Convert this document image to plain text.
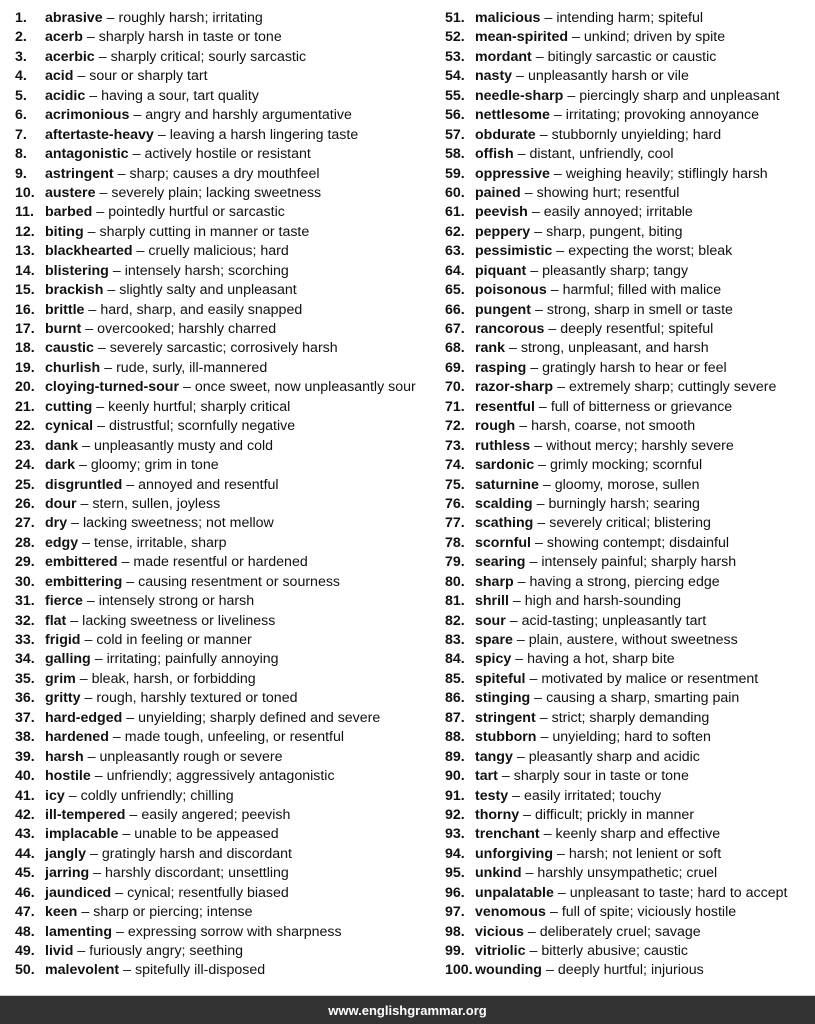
1.	abrasive – roughly harsh; irritating
2.	acerb – sharply harsh in taste or tone
3.	acerbic – sharply critical; sourly sarcastic
4.	acid – sour or sharply tart
5.	acidic – having a sour, tart quality
6.	acrimonious – angry and harshly argumentative
7.	aftertaste-heavy – leaving a harsh lingering taste
8.	antagonistic – actively hostile or resistant
9.	astringent – sharp; causes a dry mouthfeel
10. austere – severely plain; lacking sweetness
11. barbed – pointedly hurtful or sarcastic
12. biting – sharply cutting in manner or taste
13. blackhearted – cruelly malicious; hard
14. blistering – intensely harsh; scorching
15. brackish – slightly salty and unpleasant
16. brittle – hard, sharp, and easily snapped
17. burnt – overcooked; harshly charred
18. caustic – severely sarcastic; corrosively harsh
19. churlish – rude, surly, ill-mannered
20. cloying-turned-sour – once sweet, now unpleasantly sour
21. cutting – keenly hurtful; sharply critical
22. cynical – distrustful; scornfully negative
23. dank – unpleasantly musty and cold
24. dark – gloomy; grim in tone
25. disgruntled – annoyed and resentful
26. dour – stern, sullen, joyless
27. dry – lacking sweetness; not mellow
28. edgy – tense, irritable, sharp
29. embittered – made resentful or hardened
30. embittering – causing resentment or sourness
31. fierce – intensely strong or harsh
32. flat – lacking sweetness or liveliness
33. frigid – cold in feeling or manner
34. galling – irritating; painfully annoying
35. grim – bleak, harsh, or forbidding
36. gritty – rough, harshly textured or toned
37. hard-edged – unyielding; sharply defined and severe
38. hardened – made tough, unfeeling, or resentful
39. harsh – unpleasantly rough or severe
40. hostile – unfriendly; aggressively antagonistic
41. icy – coldly unfriendly; chilling
42. ill-tempered – easily angered; peevish
43. implacable – unable to be appeased
44. jangly – gratingly harsh and discordant
45. jarring – harshly discordant; unsettling
46. jaundiced – cynical; resentfully biased
47. keen – sharp or piercing; intense
48. lamenting – expressing sorrow with sharpness
49. livid – furiously angry; seething
50. malevolent – spitefully ill-disposed
51. malicious – intending harm; spiteful
52. mean-spirited – unkind; driven by spite
53. mordant – bitingly sarcastic or caustic
54. nasty – unpleasantly harsh or vile
55. needle-sharp – piercingly sharp and unpleasant
56. nettlesome – irritating; provoking annoyance
57. obdurate – stubbornly unyielding; hard
58. offish – distant, unfriendly, cool
59. oppressive – weighing heavily; stiflingly harsh
60. pained – showing hurt; resentful
61. peevish – easily annoyed; irritable
62. peppery – sharp, pungent, biting
63. pessimistic – expecting the worst; bleak
64. piquant – pleasantly sharp; tangy
65. poisonous – harmful; filled with malice
66. pungent – strong, sharp in smell or taste
67. rancorous – deeply resentful; spiteful
68. rank – strong, unpleasant, and harsh
69. rasping – gratingly harsh to hear or feel
70. razor-sharp – extremely sharp; cuttingly severe
71. resentful – full of bitterness or grievance
72. rough – harsh, coarse, not smooth
73. ruthless – without mercy; harshly severe
74. sardonic – grimly mocking; scornful
75. saturnine – gloomy, morose, sullen
76. scalding – burningly harsh; searing
77. scathing – severely critical; blistering
78. scornful – showing contempt; disdainful
79. searing – intensely painful; sharply harsh
80. sharp – having a strong, piercing edge
81. shrill – high and harsh-sounding
82. sour – acid-tasting; unpleasantly tart
83. spare – plain, austere, without sweetness
84. spicy – having a hot, sharp bite
85. spiteful – motivated by malice or resentment
86. stinging – causing a sharp, smarting pain
87. stringent – strict; sharply demanding
88. stubborn – unyielding; hard to soften
89. tangy – pleasantly sharp and acidic
90. tart – sharply sour in taste or tone
91. testy – easily irritated; touchy
92. thorny – difficult; prickly in manner
93. trenchant – keenly sharp and effective
94. unforgiving – harsh; not lenient or soft
95. unkind – harshly unsympathetic; cruel
96. unpalatable – unpleasant to taste; hard to accept
97. venomous – full of spite; viciously hostile
98. vicious – deliberately cruel; savage
99. vitriolic – bitterly abusive; caustic
100. wounding – deeply hurtful; injurious
www.englishgrammar.org
